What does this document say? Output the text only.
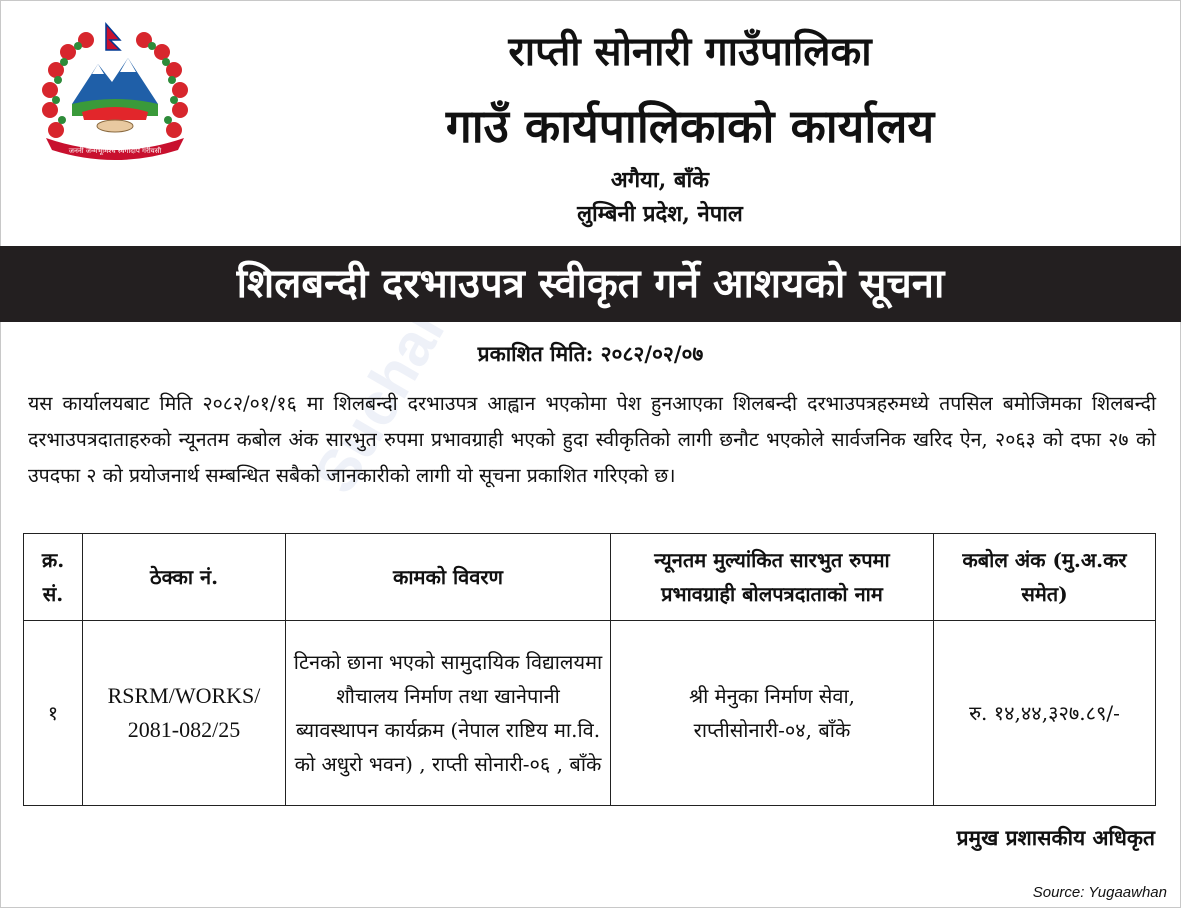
Suchana
जननी जन्मभूमिश्च स्वर्गादपि गरीयसी
राप्ती सोनारी गाउँपालिका
गाउँ कार्यपालिकाको कार्यालय
अगैया, बाँके
लुम्बिनी प्रदेश, नेपाल
शिलबन्दी दरभाउपत्र स्वीकृत गर्ने आशयको सूचना
प्रकाशित मिति: २०८२/०२/०७
यस कार्यालयबाट मिति २०८२/०१/१६ मा शिलबन्दी दरभाउपत्र आह्वान भएकोमा पेश हुनआएका शिलबन्दी दरभाउपत्रहरुमध्ये तपसिल बमोजिमका शिलबन्दी दरभाउपत्रदाताहरुको न्यूनतम कबोल अंक सारभुत रुपमा प्रभावग्राही भएको हुदा स्वीकृतिको लागी छनौट भएकोले सार्वजनिक खरिद ऐन, २०६३ को दफा २७ को उपदफा २ को प्रयोजनार्थ सम्बन्धित सबैको जानकारीको लागी यो सूचना प्रकाशित गरिएको छ।
क्र. सं.	ठेक्का नं.	कामको विवरण	न्यूनतम मुल्यांकित सारभुत रुपमा प्रभावग्राही बोलपत्रदाताको नाम	कबोल अंक (मु.अ.कर समेत)
१	RSRM/WORKS/ 2081-082/25	टिनको छाना भएको सामुदायिक विद्यालयमा शौचालय निर्माण तथा खानेपानी ब्यावस्थापन कार्यक्रम (नेपाल राष्टिय मा.वि. को अधुरो भवन) , राप्ती सोनारी-०६ , बाँके	श्री मेनुका निर्माण सेवा, राप्तीसोनारी-०४, बाँके	रु. १४,४४,३२७.८९/-
प्रमुख प्रशासकीय अधिकृत
Source: Yugaawhan
